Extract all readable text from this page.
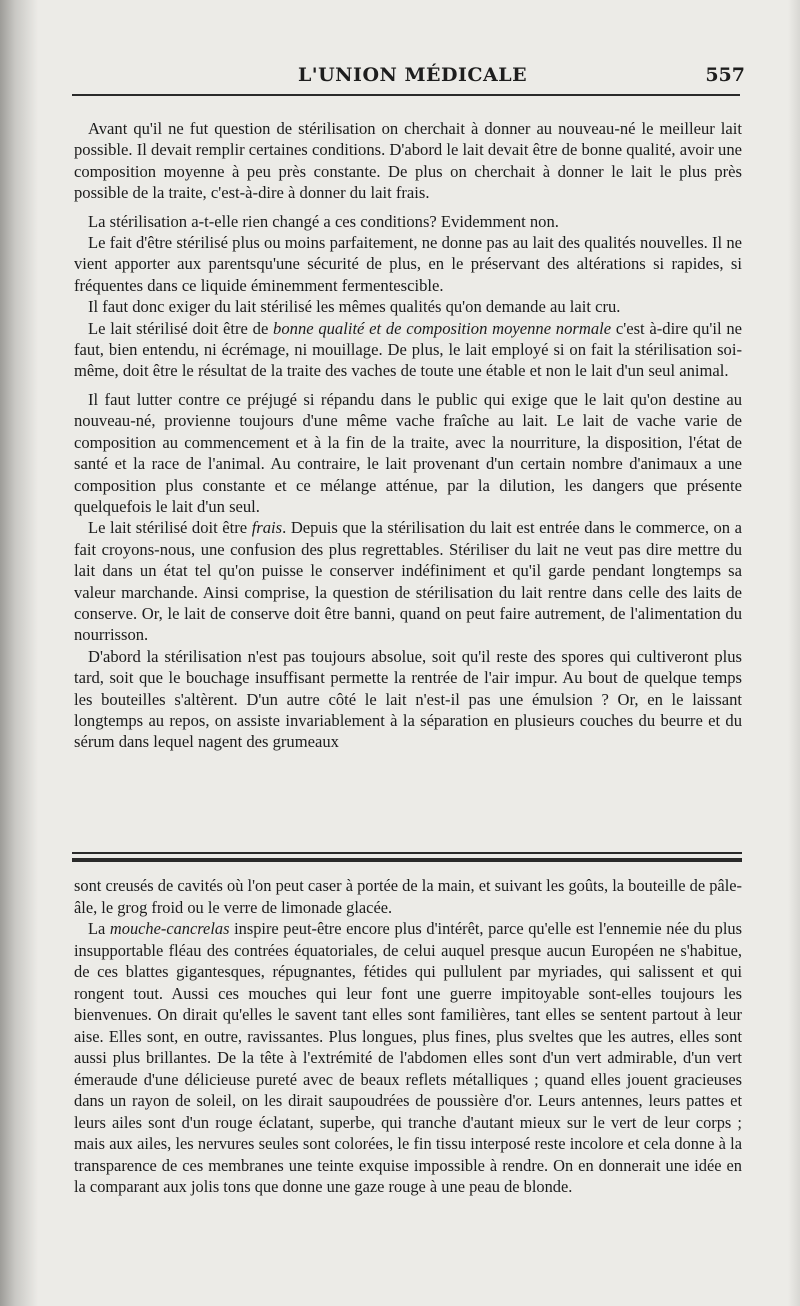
L'UNION MÉDICALE	557

Avant qu'il ne fut question de stérilisation on cherchait à donner au nouveau-né le meilleur lait possible. Il devait remplir certaines conditions. D'abord le lait devait être de bonne qualité, avoir une composition moyenne à peu près constante. De plus on cherchait à donner le lait le plus près possible de la traite, c'est-à-dire à donner du lait frais.

La stérilisation a-t-elle rien changé a ces conditions? Evidemment non.

Le fait d'être stérilisé plus ou moins parfaitement, ne donne pas au lait des qualités nouvelles. Il ne vient apporter aux parentsqu'une sécurité de plus, en le préservant des altérations si rapides, si fréquentes dans ce liquide éminemment fermentescible.

Il faut donc exiger du lait stérilisé les mêmes qualités qu'on demande au lait cru.

Le lait stérilisé doit être de bonne qualité et de composition moyenne normale c'est à-dire qu'il ne faut, bien entendu, ni écrémage, ni mouillage. De plus, le lait employé si on fait la stérilisation soi-même, doit être le résultat de la traite des vaches de toute une étable et non le lait d'un seul animal.

Il faut lutter contre ce préjugé si répandu dans le public qui exige que le lait qu'on destine au nouveau-né, provienne toujours d'une même vache fraîche au lait. Le lait de vache varie de composition au commencement et à la fin de la traite, avec la nourriture, la disposition, l'état de santé et la race de l'animal. Au contraire, le lait provenant d'un certain nombre d'animaux a une composition plus constante et ce mélange atténue, par la dilution, les dangers que présente quelquefois le lait d'un seul.

Le lait stérilisé doit être frais. Depuis que la stérilisation du lait est entrée dans le commerce, on a fait croyons-nous, une confusion des plus regrettables. Stériliser du lait ne veut pas dire mettre du lait dans un état tel qu'on puisse le conserver indéfiniment et qu'il garde pendant longtemps sa valeur marchande. Ainsi comprise, la question de stérilisation du lait rentre dans celle des laits de conserve. Or, le lait de conserve doit être banni, quand on peut faire autrement, de l'alimentation du nourrisson.

D'abord la stérilisation n'est pas toujours absolue, soit qu'il reste des spores qui cultiveront plus tard, soit que le bouchage insuffisant permette la rentrée de l'air impur. Au bout de quelque temps les bouteilles s'altèrent. D'un autre côté le lait n'est-il pas une émulsion ? Or, en le laissant longtemps au repos, on assiste invariablement à la séparation en plusieurs couches du beurre et du sérum dans lequel nagent des grumeaux

sont creusés de cavités où l'on peut caser à portée de la main, et suivant les goûts, la bouteille de pâle-âle, le grog froid ou le verre de limonade glacée.

La mouche-cancrelas inspire peut-être encore plus d'intérêt, parce qu'elle est l'ennemie née du plus insupportable fléau des contrées équatoriales, de celui auquel presque aucun Européen ne s'habitue, de ces blattes gigantesques, répugnantes, fétides qui pullulent par myriades, qui salissent et qui rongent tout. Aussi ces mouches qui leur font une guerre impitoyable sont-elles toujours les bienvenues. On dirait qu'elles le savent tant elles sont familières, tant elles se sentent partout à leur aise. Elles sont, en outre, ravissantes. Plus longues, plus fines, plus sveltes que les autres, elles sont aussi plus brillantes. De la tête à l'extrémité de l'abdomen elles sont d'un vert admirable, d'un vert émeraude d'une délicieuse pureté avec de beaux reflets métalliques ; quand elles jouent gracieuses dans un rayon de soleil, on les dirait saupoudrées de poussière d'or. Leurs antennes, leurs pattes et leurs ailes sont d'un rouge éclatant, superbe, qui tranche d'autant mieux sur le vert de leur corps ; mais aux ailes, les nervures seules sont colorées, le fin tissu interposé reste incolore et cela donne à la transparence de ces membranes une teinte exquise impossible à rendre. On en donnerait une idée en la comparant aux jolis tons que donne une gaze rouge à une peau de blonde.
